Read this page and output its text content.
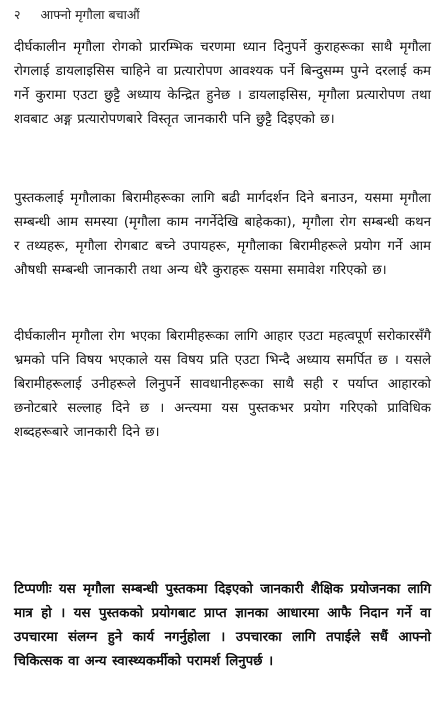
२ आफ्नो मृगौला बचाऔं

दीर्घकालीन मृगौला रोगको प्रारम्भिक चरणमा ध्यान दिनुपर्ने कुराहरूका साथै मृगौला रोगलाई डायलाइसिस चाहिने वा प्रत्यारोपण आवश्यक पर्ने बिन्दुसम्म पुग्ने दरलाई कम गर्ने कुरामा एउटा छुट्टै अध्याय केन्द्रित हुनेछ । डायलाइसिस, मृगौला प्रत्यारोपण तथा शवबाट अङ्ग प्रत्यारोपणबारे विस्तृत जानकारी पनि छुट्टै दिइएको छ।

पुस्तकलाई मृगौलाका बिरामीहरूका लागि बढी मार्गदर्शन दिने बनाउन, यसमा मृगौला सम्बन्धी आम समस्या (मृगौला काम नगर्नेदेखि बाहेकका), मृगौला रोग सम्बन्धी कथन र तथ्यहरू, मृगौला रोगबाट बच्ने उपायहरू, मृगौलाका बिरामीहरूले प्रयोग गर्ने आम औषधी सम्बन्धी जानकारी तथा अन्य धेरै कुराहरू यसमा समावेश गरिएको छ।

दीर्घकालीन मृगौला रोग भएका बिरामीहरूका लागि आहार एउटा महत्वपूर्ण सरोकारसँगै भ्रमको पनि विषय भएकाले यस विषय प्रति एउटा भिन्दै अध्याय समर्पित छ । यसले बिरामीहरूलाई उनीहरूले लिनुपर्ने सावधानीहरूका साथै सही र पर्याप्त आहारको छनोटबारे सल्लाह दिने छ । अन्त्यमा यस पुस्तकभर प्रयोग गरिएको प्राविधिक शब्दहरूबारे जानकारी दिने छ।

टिप्पणीः यस मृगौला सम्बन्धी पुस्तकमा दिइएको जानकारी शैक्षिक प्रयोजनका लागि मात्र हो । यस पुस्तकको प्रयोगबाट प्राप्त ज्ञानका आधारमा आफै निदान गर्ने वा उपचारमा संलग्न हुने कार्य नगर्नुहोला । उपचारका लागि तपाईले सधैं आफ्नो चिकित्सक वा अन्य स्वास्थ्यकर्मीको परामर्श लिनुपर्छ ।
